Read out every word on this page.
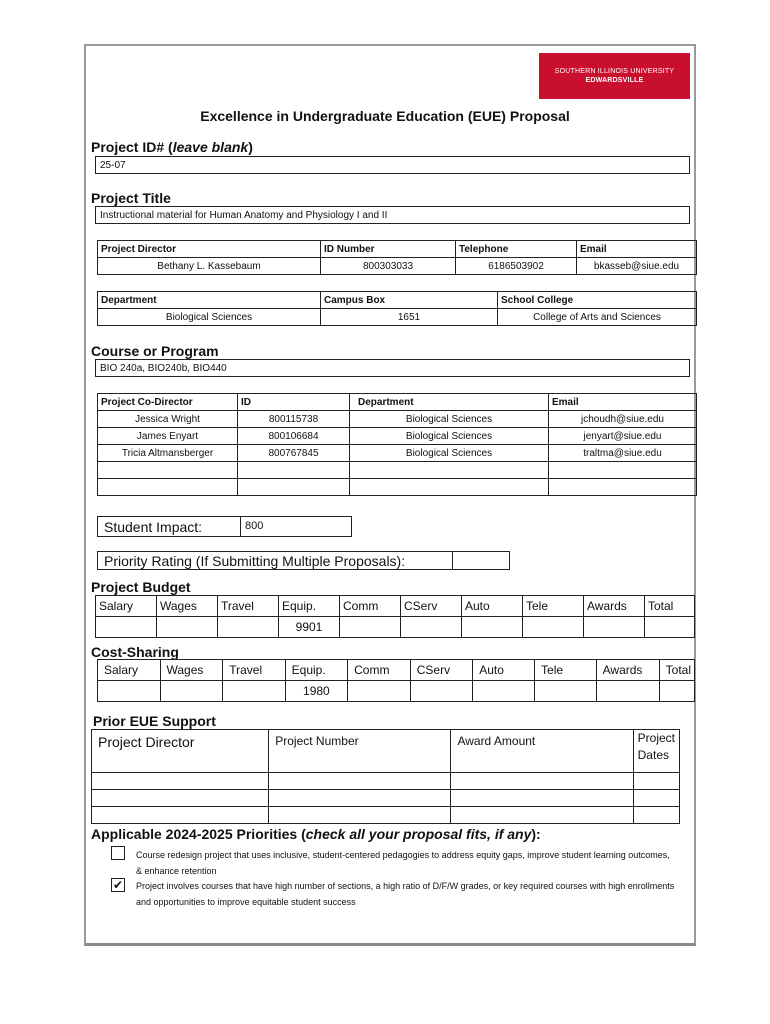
SOUTHERN ILLINOIS UNIVERSITY
EDWARDSVILLE
Excellence in Undergraduate Education (EUE) Proposal
Project ID# (leave blank)
25-07
Project Title
Instructional material for Human Anatomy and Physiology I and II
Project Director	ID Number	Telephone	Email
Bethany L. Kassebaum	800303033	6186503902	bkasseb@siue.edu
Department	Campus Box	School College
Biological Sciences	1651	College of Arts and Sciences
Course or Program
BIO 240a, BIO240b, BIO440
Project Co-Director	ID	Department	Email
Jessica Wright	800115738	Biological Sciences	jchoudh@siue.edu
James Enyart	800106684	Biological Sciences	jenyart@siue.edu
Tricia Altmansberger	800767845	Biological Sciences	traltma@siue.edu

Student Impact:	800
Priority Rating (If Submitting Multiple Proposals):
Project Budget
Salary	Wages	Travel	Equip.	Comm	CServ	Auto	Tele	Awards	Total
			9901						
Cost-Sharing
Salary	Wages	Travel	Equip.	Comm	CServ	Auto	Tele	Awards	Total
			1980						
Prior EUE Support
Project Director	Project Number	Award Amount	Project
Dates

Applicable 2024-2025 Priorities (check all your proposal fits, if any):
Course redesign project that uses inclusive, student-centered pedagogies to address equity gaps, improve student learning outcomes, & enhance retention
✔ Project involves courses that have high number of sections, a high ratio of D/F/W grades, or key required courses with high enrollments and opportunities to improve equitable student success
